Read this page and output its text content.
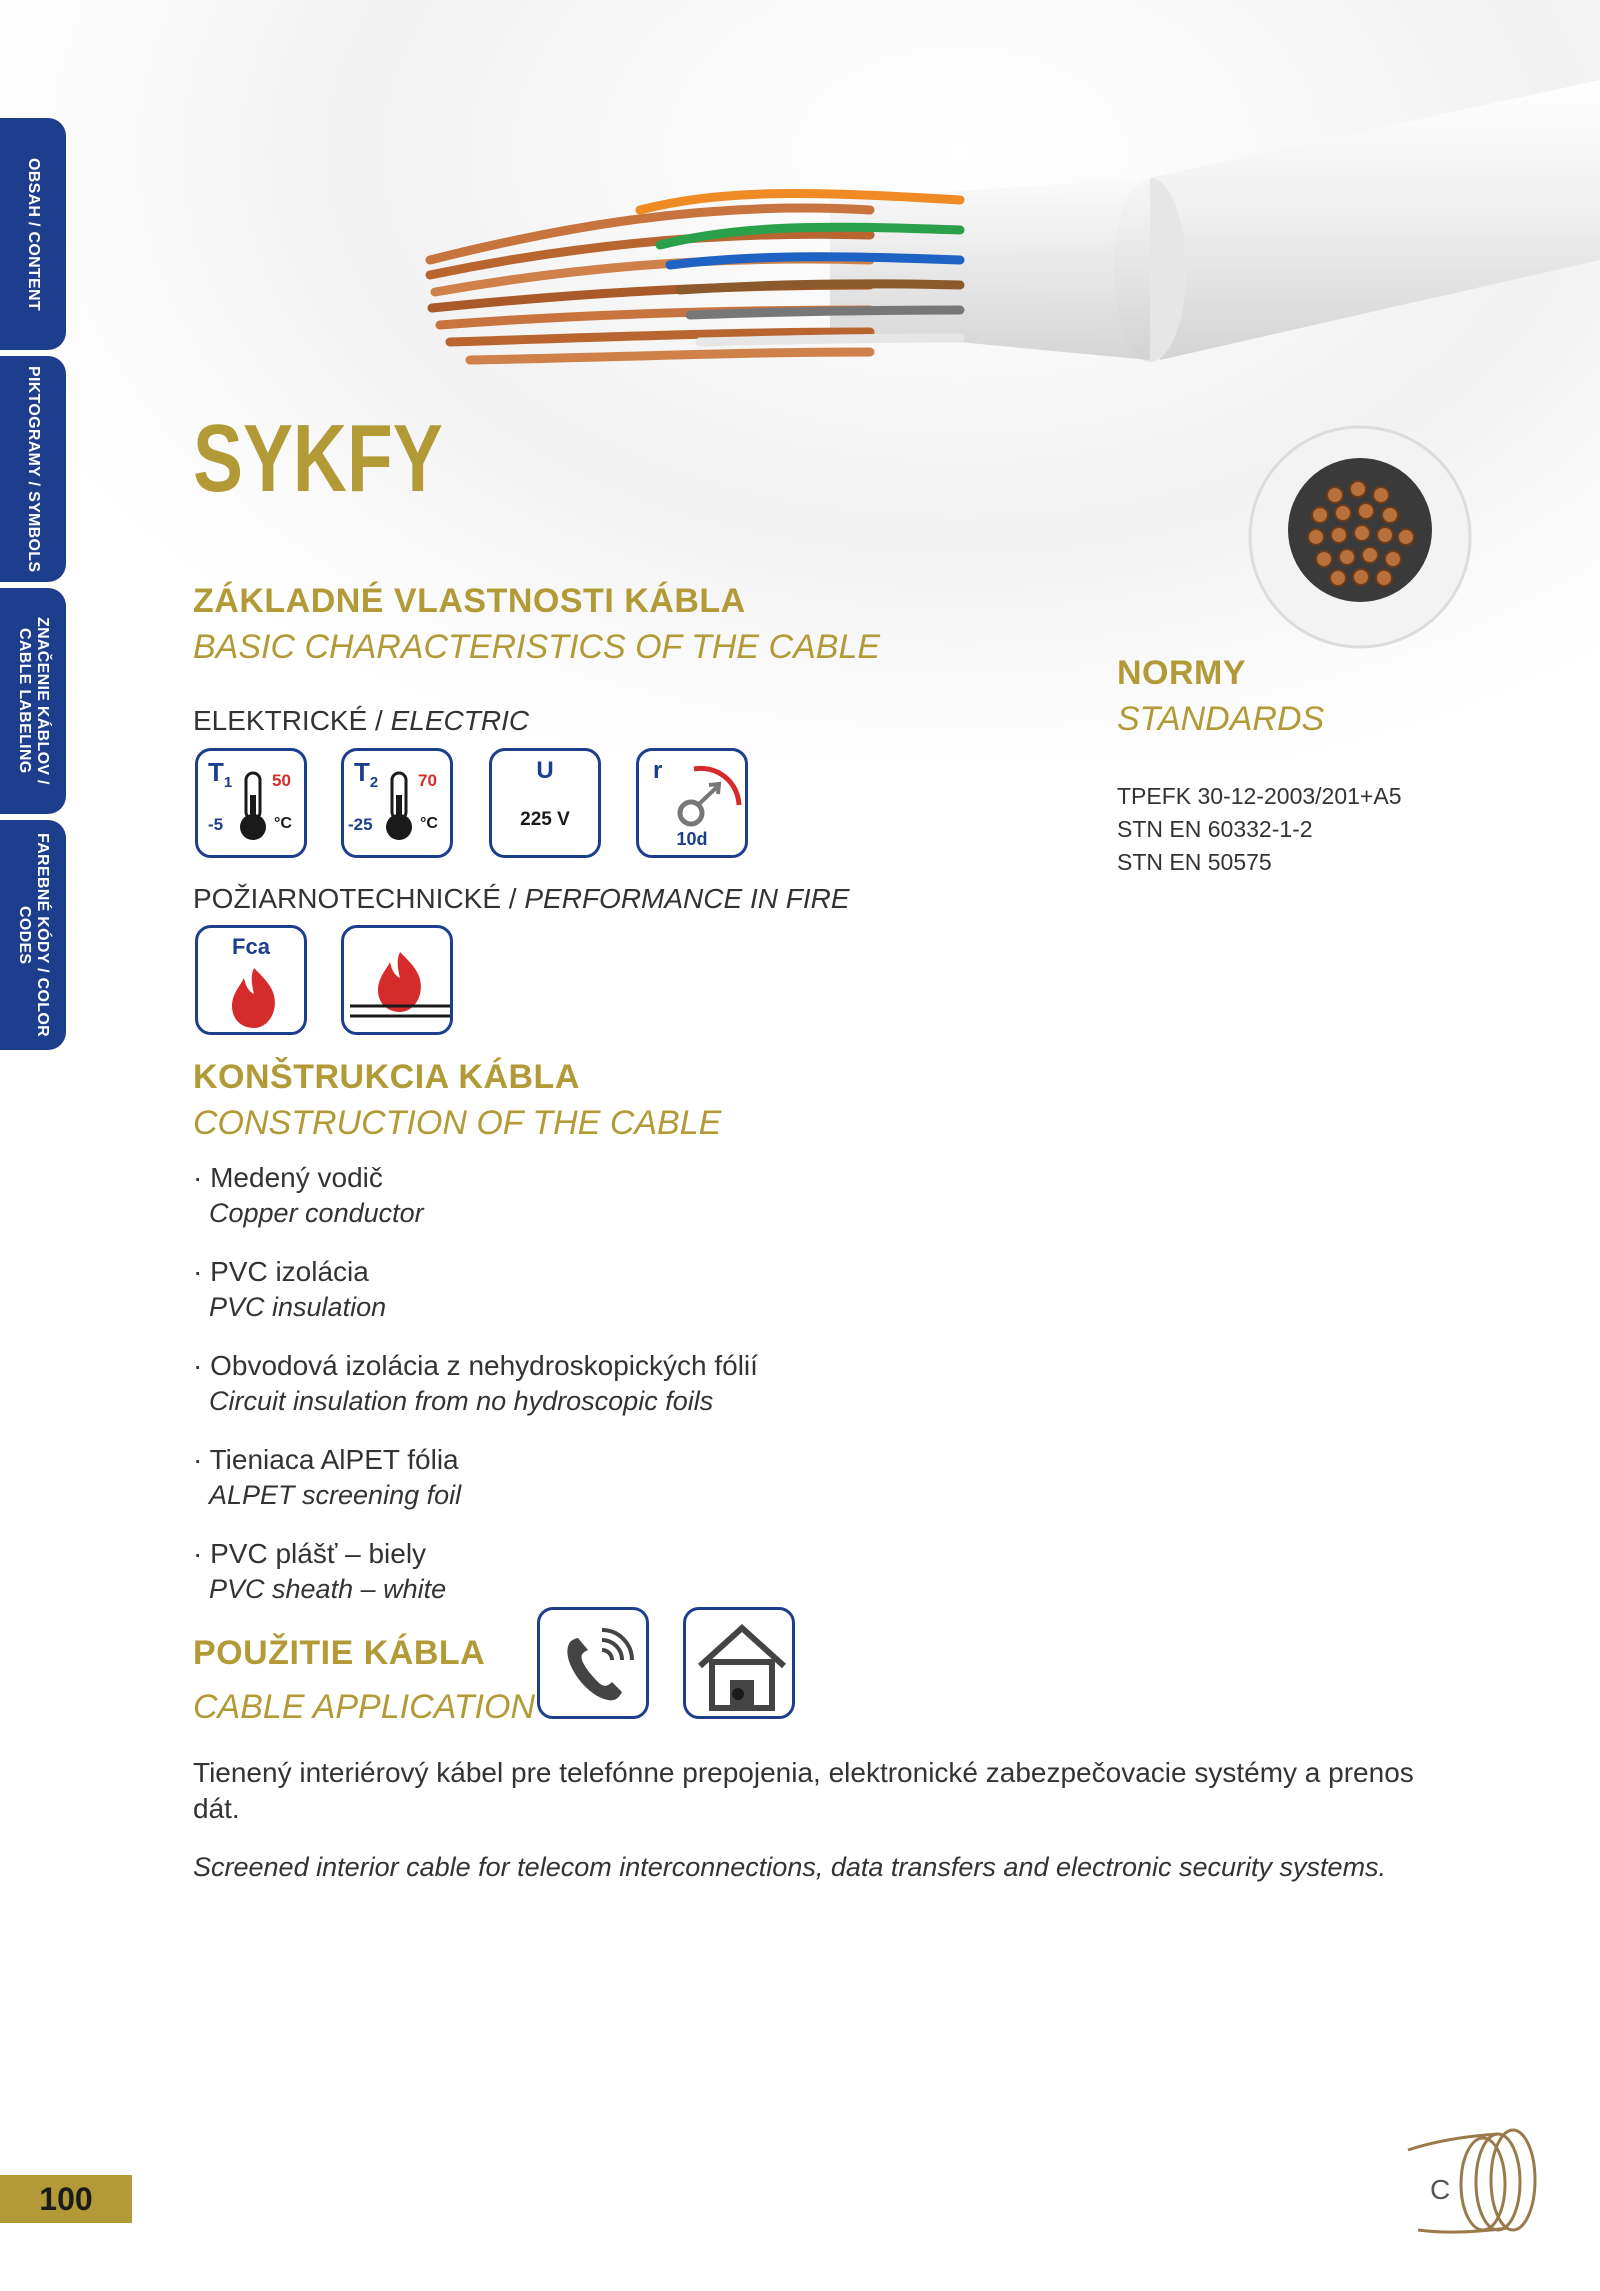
OBSAH / CONTENT
PIKTOGRAMY / SYMBOLS
ZNAČENIE KÁBLOV / CABLE LABELING
FAREBNÉ KÓDY / COLOR CODES
SYKFY
ZÁKLADNÉ VLASTNOSTI KÁBLA
BASIC CHARACTERISTICS OF THE CABLE
ELEKTRICKÉ / ELECTRIC
$T_1$ 50
-5	°C
$T_2$ 70
-25	°C
U
225 V
r
10d
POŽIARNOTECHNICKÉ / PERFORMANCE IN FIRE
Fca
KONŠTRUKCIA KÁBLA
CONSTRUCTION OF THE CABLE
· Medený vodič
Copper conductor
· PVC izolácia
PVC insulation
· Obvodová izolácia z nehydroskopických fólií
Circuit insulation from no hydroscopic foils
· Tieniaca AlPET fólia
ALPET screening foil
· PVC plášť – biely
PVC sheath – white
POUŽITIE KÁBLA
CABLE APPLICATION
Tienený interiérový kábel pre telefónne prepojenia, elektronické zabezpečovacie systémy a prenos dát.
Screened interior cable for telecom interconnections, data transfers and electronic security systems.
NORMY
STANDARDS
TPEFK 30-12-2003/201+A5
STN EN 60332-1-2
STN EN 50575
100	C
